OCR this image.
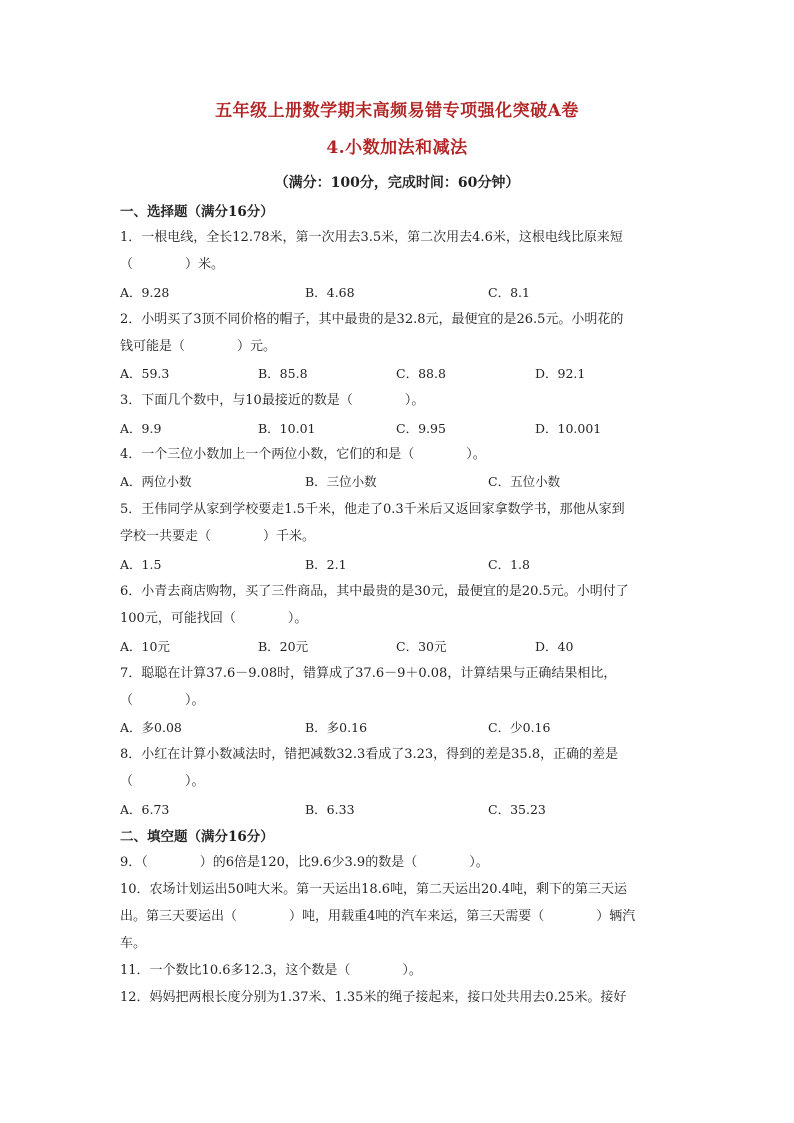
五年级上册数学期末高频易错专项强化突破A卷
4.小数加法和减法
（满分：100分，完成时间：60分钟）
一、选择题（满分16分）
1．一根电线，全长12.78米，第一次用去3.5米，第二次用去4.6米，这根电线比原来短
（　　　　）米。
A．9.28	B．4.68	C．8.1
2．小明买了3顶不同价格的帽子，其中最贵的是32.8元，最便宜的是26.5元。小明花的
钱可能是（　　　　）元。
A．59.3	B．85.8	C．88.8	D．92.1
3．下面几个数中，与10最接近的数是（　　　　）。
A．9.9	B．10.01	C．9.95	D．10.001
4．一个三位小数加上一个两位小数，它们的和是（　　　　）。
A．两位小数	B．三位小数	C．五位小数
5．王伟同学从家到学校要走1.5千米，他走了0.3千米后又返回家拿数学书，那他从家到
学校一共要走（　　　　）千米。
A．1.5	B．2.1	C．1.8
6．小青去商店购物，买了三件商品，其中最贵的是30元，最便宜的是20.5元。小明付了
100元，可能找回（　　　　）。
A．10元	B．20元	C．30元	D．40
7．聪聪在计算37.6－9.08时，错算成了37.6－9＋0.08，计算结果与正确结果相比，
（　　　　）。
A．多0.08	B．多0.16	C．少0.16
8．小红在计算小数减法时，错把减数32.3看成了3.23，得到的差是35.8，正确的差是
（　　　　）。
A．6.73	B．6.33	C．35.23
二、填空题（满分16分）
9．（　　　　）的6倍是120，比9.6少3.9的数是（　　　　）。
10．农场计划运出50吨大米。第一天运出18.6吨，第二天运出20.4吨，剩下的第三天运
出。第三天要运出（　　　　）吨，用载重4吨的汽车来运，第三天需要（　　　　）辆汽
车。
11．一个数比10.6多12.3，这个数是（　　　　）。
12．妈妈把两根长度分别为1.37米、1.35米的绳子接起来，接口处共用去0.25米。接好
